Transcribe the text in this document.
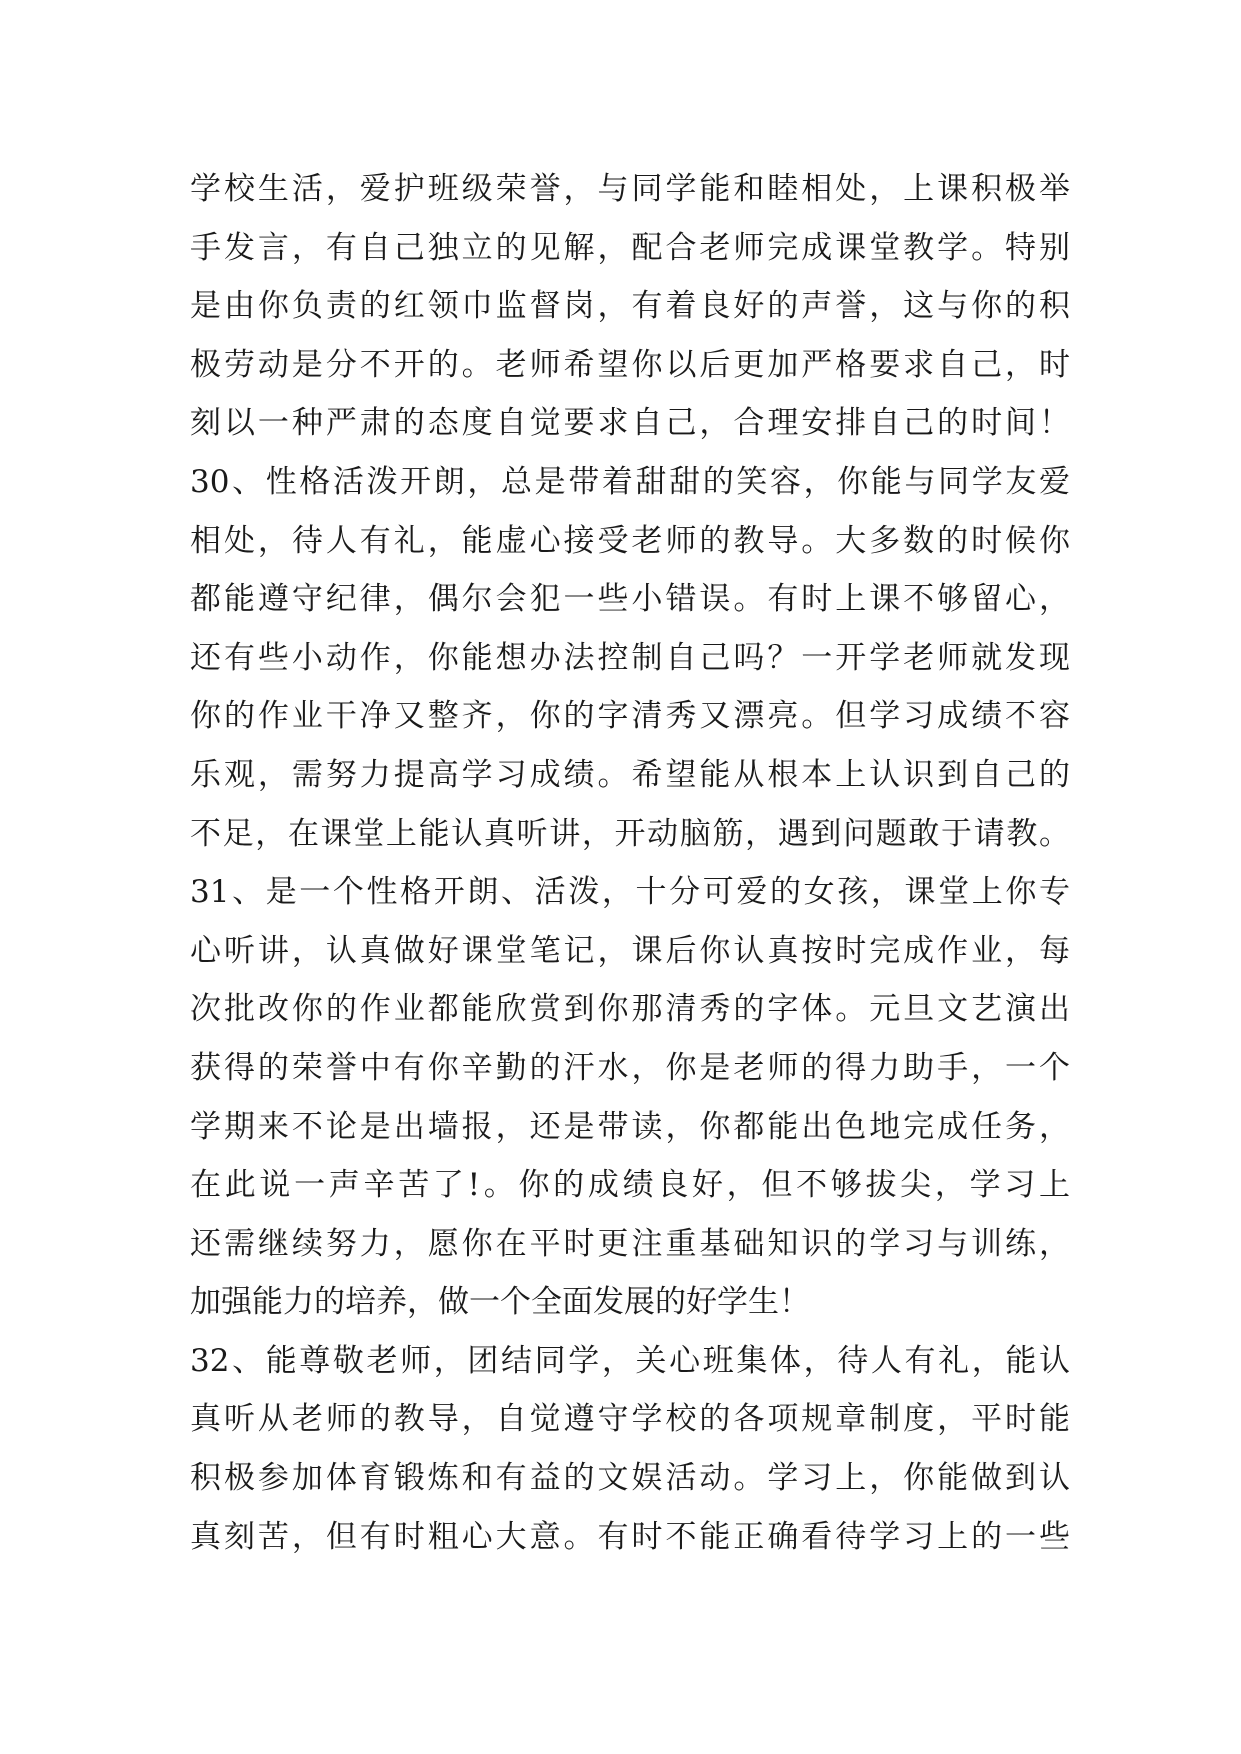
学校生活，爱护班级荣誉，与同学能和睦相处，上课积极举
手发言，有自己独立的见解，配合老师完成课堂教学。特别
是由你负责的红领巾监督岗，有着良好的声誉，这与你的积
极劳动是分不开的。老师希望你以后更加严格要求自己，时
刻以一种严肃的态度自觉要求自己，合理安排自己的时间！
30、性格活泼开朗，总是带着甜甜的笑容，你能与同学友爱
相处，待人有礼，能虚心接受老师的教导。大多数的时候你
都能遵守纪律，偶尔会犯一些小错误。有时上课不够留心，
还有些小动作，你能想办法控制自己吗？一开学老师就发现
你的作业干净又整齐，你的字清秀又漂亮。但学习成绩不容
乐观，需努力提高学习成绩。希望能从根本上认识到自己的
不足，在课堂上能认真听讲，开动脑筋，遇到问题敢于请教。
31、是一个性格开朗、活泼，十分可爱的女孩，课堂上你专
心听讲，认真做好课堂笔记，课后你认真按时完成作业，每
次批改你的作业都能欣赏到你那清秀的字体。元旦文艺演出
获得的荣誉中有你辛勤的汗水，你是老师的得力助手，一个
学期来不论是出墙报，还是带读，你都能出色地完成任务，
在此说一声辛苦了!。你的成绩良好，但不够拔尖，学习上
还需继续努力，愿你在平时更注重基础知识的学习与训练，
加强能力的培养，做一个全面发展的好学生！
32、能尊敬老师，团结同学，关心班集体，待人有礼，能认
真听从老师的教导，自觉遵守学校的各项规章制度，平时能
积极参加体育锻炼和有益的文娱活动。学习上，你能做到认
真刻苦，但有时粗心大意。有时不能正确看待学习上的一些
